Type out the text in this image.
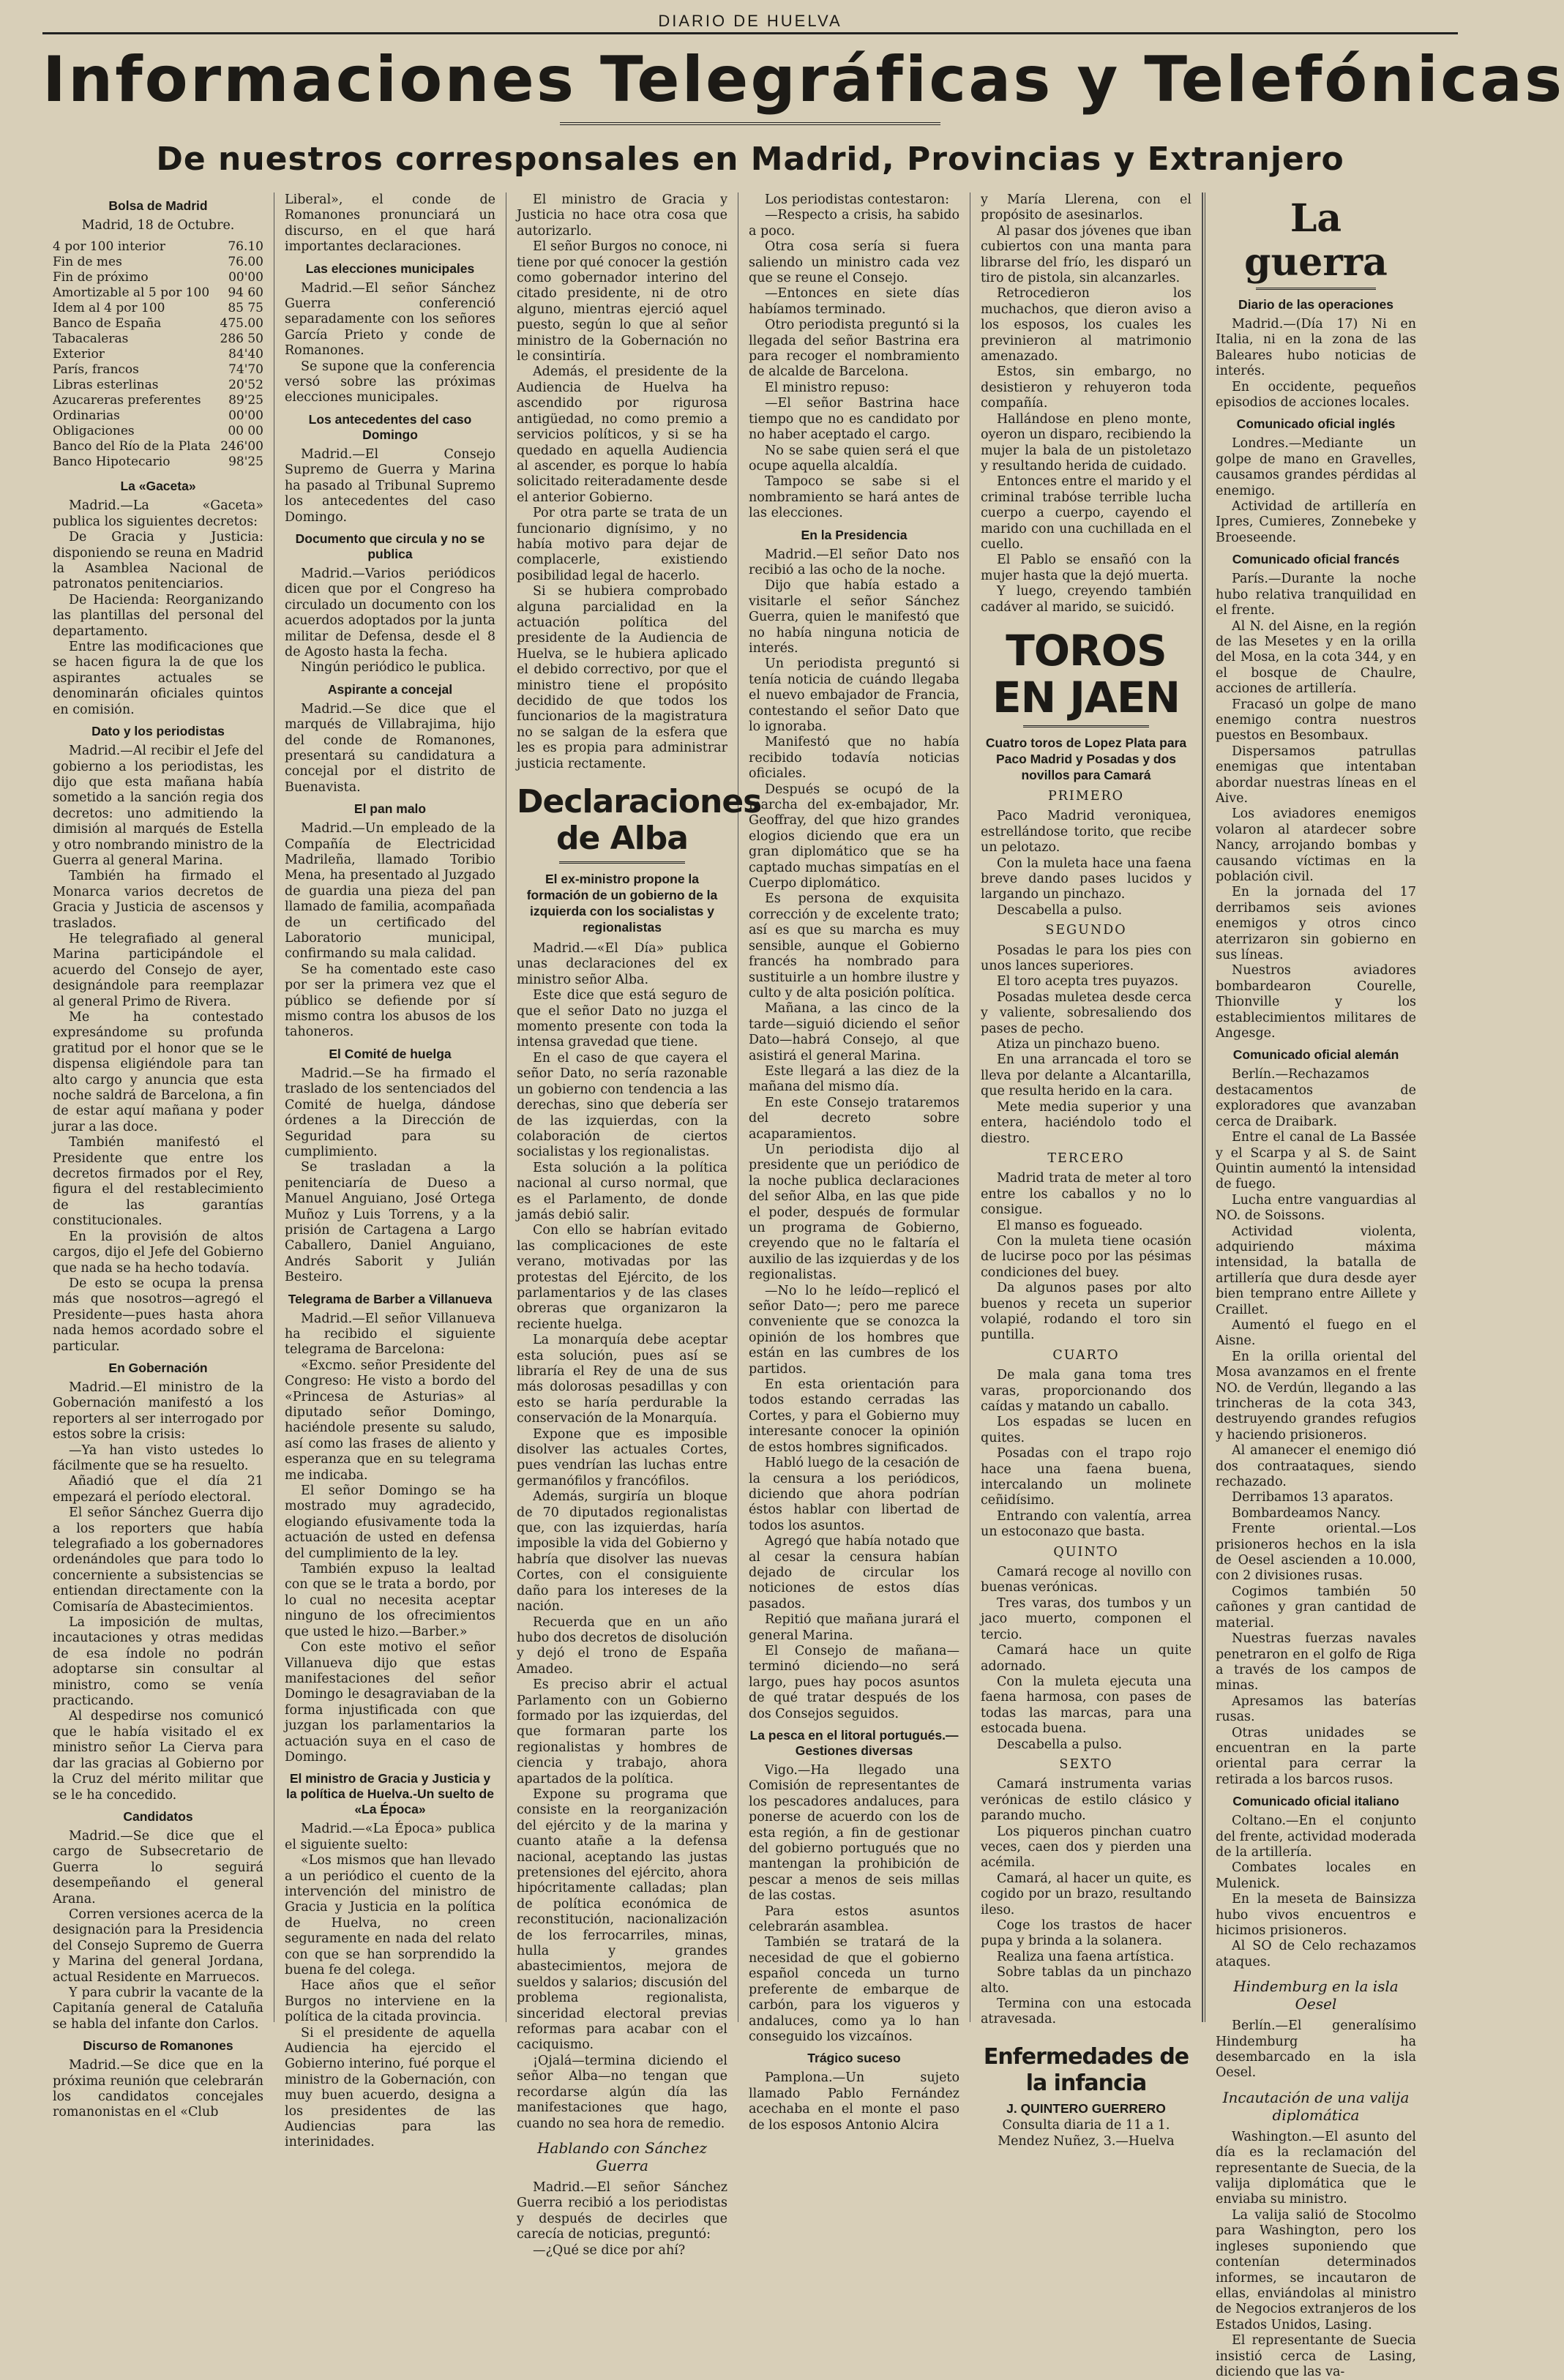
DIARIO DE HUELVA
Informaciones Telegráficas y Telefónicas
De nuestros corresponsales en Madrid, Provincias y Extranjero
Bolsa de Madrid
Madrid, 18 de Octubre.
4 por 100 interior	76.10
Fin de mes	76.00
Fin de próximo	00'00
Amortizable al 5 por 100	94 60
Idem al 4 por 100	85 75
Banco de España	475.00
Tabacaleras	286 50
Exterior	84'40
París, francos	74'70
Libras esterlinas	20'52
Azucareras preferentes	89'25
Ordinarias	00'00
Obligaciones	00 00
Banco del Río de la Plata	246'00
Banco Hipotecario	98'25
La «Gaceta»

Madrid.—La «Gaceta» publica los siguientes decretos:

De Gracia y Justicia: disponiendo se reuna en Madrid la Asamblea Nacional de patronatos penitenciarios.

De Hacienda: Reorganizando las plantillas del personal del departamento.

Entre las modificaciones que se hacen figura la de que los aspirantes actuales se denominarán oficiales quintos en comisión.

Dato y los periodistas

Madrid.—Al recibir el Jefe del gobierno a los periodistas, les dijo que esta mañana había sometido a la sanción regia dos decretos: uno admitiendo la dimisión al marqués de Estella y otro nombrando ministro de la Guerra al general Marina.

También ha firmado el Monarca varios decretos de Gracia y Justicia de ascensos y traslados.

He telegrafiado al general Marina participándole el acuerdo del Consejo de ayer, designándole para reemplazar al general Primo de Rivera.

Me ha contestado expresándome su profunda gratitud por el honor que se le dispensa eligiéndole para tan alto cargo y anuncia que esta noche saldrá de Barcelona, a fin de estar aquí mañana y poder jurar a las doce.

También manifestó el Presidente que entre los decretos firmados por el Rey, figura el del restablecimiento de las garantías constitucionales.

En la provisión de altos cargos, dijo el Jefe del Gobierno que nada se ha hecho todavía.

De esto se ocupa la prensa más que nosotros—agregó el Presidente—pues hasta ahora nada hemos acordado sobre el particular.

En Gobernación

Madrid.—El ministro de la Gobernación manifestó a los reporters al ser interrogado por estos sobre la crisis:

—Ya han visto ustedes lo fácilmente que se ha resuelto.

Añadió que el día 21 empezará el período electoral.

El señor Sánchez Guerra dijo a los reporters que había telegrafiado a los gobernadores ordenándoles que para todo lo concerniente a subsistencias se entiendan directamente con la Comisaría de Abastecimientos.

La imposición de multas, incautaciones y otras medidas de esa índole no podrán adoptarse sin consultar al ministro, como se venía practicando.

Al despedirse nos comunicó que le había visitado el ex ministro señor La Cierva para dar las gracias al Gobierno por la Cruz del mérito militar que se le ha concedido.

Candidatos

Madrid.—Se dice que el cargo de Subsecretario de Guerra lo seguirá desempeñando el general Arana.

Corren versiones acerca de la designación para la Presidencia del Consejo Supremo de Guerra y Marina del general Jordana, actual Residente en Marruecos.

Y para cubrir la vacante de la Capitanía general de Cataluña se habla del infante don Carlos.

Discurso de Romanones

Madrid.—Se dice que en la próxima reunión que celebrarán los candidatos concejales romanonistas en el «Club

Liberal», el conde de Romanones pronunciará un discurso, en el que hará importantes declaraciones.

Las elecciones municipales

Madrid.—El señor Sánchez Guerra conferenció separadamente con los señores García Prieto y conde de Romanones.

Se supone que la conferencia versó sobre las próximas elecciones municipales.

Los antecedentes del caso Domingo

Madrid.—El Consejo Supremo de Guerra y Marina ha pasado al Tribunal Supremo los antecedentes del caso Domingo.

Documento que circula y no se publica

Madrid.—Varios periódicos dicen que por el Congreso ha circulado un documento con los acuerdos adoptados por la junta militar de Defensa, desde el 8 de Agosto hasta la fecha.

Ningún periódico le publica.

Aspirante a concejal

Madrid.—Se dice que el marqués de Villabrajima, hijo del conde de Romanones, presentará su candidatura a concejal por el distrito de Buenavista.

El pan malo

Madrid.—Un empleado de la Compañía de Electricidad Madrileña, llamado Toribio Mena, ha presentado al Juzgado de guardia una pieza del pan llamado de familia, acompañada de un certificado del Laboratorio municipal, confirmando su mala calidad.

Se ha comentado este caso por ser la primera vez que el público se defiende por sí mismo contra los abusos de los tahoneros.

El Comité de huelga

Madrid.—Se ha firmado el traslado de los sentenciados del Comité de huelga, dándose órdenes a la Dirección de Seguridad para su cumplimiento.

Se trasladan a la penitenciaría de Dueso a Manuel Anguiano, José Ortega Muñoz y Luis Torrens, y a la prisión de Cartagena a Largo Caballero, Daniel Anguiano, Andrés Saborit y Julián Besteiro.

Telegrama de Barber a Villanueva

Madrid.—El señor Villanueva ha recibido el siguiente telegrama de Barcelona:

«Excmo. señor Presidente del Congreso: He visto a bordo del «Princesa de Asturias» al diputado señor Domingo, haciéndole presente su saludo, así como las frases de aliento y esperanza que en su telegrama me indicaba.

El señor Domingo se ha mostrado muy agradecido, elogiando efusivamente toda la actuación de usted en defensa del cumplimiento de la ley.

También expuso la lealtad con que se le trata a bordo, por lo cual no necesita aceptar ninguno de los ofrecimientos que usted le hizo.—Barber.»

Con este motivo el señor Villanueva dijo que estas manifestaciones del señor Domingo le desagraviaban de la forma injustificada con que juzgan los parlamentarios la actuación suya en el caso de Domingo.

El ministro de Gracia y Justicia y la política de Huelva.-Un suelto de «La Época»

Madrid.—«La Época» publica el siguiente suelto:

«Los mismos que han llevado a un periódico el cuento de la intervención del ministro de Gracia y Justicia en la política de Huelva, no creen seguramente en nada del relato con que se han sorprendido la buena fe del colega.

Hace años que el señor Burgos no interviene en la política de la citada provincia.

Si el presidente de aquella Audiencia ha ejercido el Gobierno interino, fué porque el ministro de la Gobernación, con muy buen acuerdo, designa a los presidentes de las Audiencias para las interinidades.

El ministro de Gracia y Justicia no hace otra cosa que autorizarlo.

El señor Burgos no conoce, ni tiene por qué conocer la gestión como gobernador interino del citado presidente, ni de otro alguno, mientras ejerció aquel puesto, según lo que al señor ministro de la Gobernación no le consintiría.

Además, el presidente de la Audiencia de Huelva ha ascendido por rigurosa antigüedad, no como premio a servicios políticos, y si se ha quedado en aquella Audiencia al ascender, es porque lo había solicitado reiteradamente desde el anterior Gobierno.

Por otra parte se trata de un funcionario dignísimo, y no había motivo para dejar de complacerle, existiendo posibilidad legal de hacerlo.

Si se hubiera comprobado alguna parcialidad en la actuación política del presidente de la Audiencia de Huelva, se le hubiera aplicado el debido correctivo, por que el ministro tiene el propósito decidido de que todos los funcionarios de la magistratura no se salgan de la esfera que les es propia para administrar justicia rectamente.

Declaraciones de Alba
El ex-ministro propone la formación de un gobierno de la izquierda con los socialistas y regionalistas

Madrid.—«El Día» publica unas declaraciones del ex ministro señor Alba.

Este dice que está seguro de que el señor Dato no juzga el momento presente con toda la intensa gravedad que tiene.

En el caso de que cayera el señor Dato, no sería razonable un gobierno con tendencia a las derechas, sino que debería ser de las izquierdas, con la colaboración de ciertos socialistas y los regionalistas.

Esta solución a la política nacional al curso normal, que es el Parlamento, de donde jamás debió salir.

Con ello se habrían evitado las complicaciones de este verano, motivadas por las protestas del Ejército, de los parlamentarios y de las clases obreras que organizaron la reciente huelga.

La monarquía debe aceptar esta solución, pues así se libraría el Rey de una de sus más dolorosas pesadillas y con esto se haría perdurable la conservación de la Monarquía.

Expone que es imposible disolver las actuales Cortes, pues vendrían las luchas entre germanófilos y francófilos.

Además, surgiría un bloque de 70 diputados regionalistas que, con las izquierdas, haría imposible la vida del Gobierno y habría que disolver las nuevas Cortes, con el consiguiente daño para los intereses de la nación.

Recuerda que en un año hubo dos decretos de disolución y dejó el trono de España Amadeo.

Es preciso abrir el actual Parlamento con un Gobierno formado por las izquierdas, del que formaran parte los regionalistas y hombres de ciencia y trabajo, ahora apartados de la política.

Expone su programa que consiste en la reorganización del ejército y de la marina y cuanto atañe a la defensa nacional, aceptando las justas pretensiones del ejército, ahora hipócritamente calladas; plan de política económica de reconstitución, nacionalización de los ferrocarriles, minas, hulla y grandes abastecimientos, mejora de sueldos y salarios; discusión del problema regionalista, sinceridad electoral previas reformas para acabar con el caciquismo.

¡Ojalá—termina diciendo el señor Alba—no tengan que recordarse algún día las manifestaciones que hago, cuando no sea hora de remedio.

Hablando con Sánchez Guerra

Madrid.—El señor Sánchez Guerra recibió a los periodistas y después de decirles que carecía de noticias, preguntó:

—¿Qué se dice por ahí?

Los periodistas contestaron:

—Respecto a crisis, ha sabido a poco.

Otra cosa sería si fuera saliendo un ministro cada vez que se reune el Consejo.

—Entonces en siete días habíamos terminado.

Otro periodista preguntó si la llegada del señor Bastrina era para recoger el nombramiento de alcalde de Barcelona.

El ministro repuso:

—El señor Bastrina hace tiempo que no es candidato por no haber aceptado el cargo.

No se sabe quien será el que ocupe aquella alcaldía.

Tampoco se sabe si el nombramiento se hará antes de las elecciones.

En la Presidencia

Madrid.—El señor Dato nos recibió a las ocho de la noche.

Dijo que había estado a visitarle el señor Sánchez Guerra, quien le manifestó que no había ninguna noticia de interés.

Un periodista preguntó si tenía noticia de cuándo llegaba el nuevo embajador de Francia, contestando el señor Dato que lo ignoraba.

Manifestó que no había recibido todavía noticias oficiales.

Después se ocupó de la marcha del ex-embajador, Mr. Geoffray, del que hizo grandes elogios diciendo que era un gran diplomático que se ha captado muchas simpatías en el Cuerpo diplomático.

Es persona de exquisita corrección y de excelente trato; así es que su marcha es muy sensible, aunque el Gobierno francés ha nombrado para sustituirle a un hombre ilustre y culto y de alta posición política.

Mañana, a las cinco de la tarde—siguió diciendo el señor Dato—habrá Consejo, al que asistirá el general Marina.

Este llegará a las diez de la mañana del mismo día.

En este Consejo trataremos del decreto sobre acaparamientos.

Un periodista dijo al presidente que un periódico de la noche publica declaraciones del señor Alba, en las que pide el poder, después de formular un programa de Gobierno, creyendo que no le faltaría el auxilio de las izquierdas y de los regionalistas.

—No lo he leído—replicó el señor Dato—; pero me parece conveniente que se conozca la opinión de los hombres que están en las cumbres de los partidos.

En esta orientación para todos estando cerradas las Cortes, y para el Gobierno muy interesante conocer la opinión de estos hombres significados.

Habló luego de la cesación de la censura a los periódicos, diciendo que ahora podrían éstos hablar con libertad de todos los asuntos.

Agregó que había notado que al cesar la censura habían dejado de circular los noticiones de estos días pasados.

Repitió que mañana jurará el general Marina.

El Consejo de mañana—terminó diciendo—no será largo, pues hay pocos asuntos de qué tratar después de los dos Consejos seguidos.

La pesca en el litoral portugués.—Gestiones diversas

Vigo.—Ha llegado una Comisión de representantes de los pescadores andaluces, para ponerse de acuerdo con los de esta región, a fin de gestionar del gobierno portugués que no mantengan la prohibición de pescar a menos de seis millas de las costas.

Para estos asuntos celebrarán asamblea.

También se tratará de la necesidad de que el gobierno español conceda un turno preferente de embarque de carbón, para los vigueros y andaluces, como ya lo han conseguido los vizcaínos.

Trágico suceso

Pamplona.—Un sujeto llamado Pablo Fernández acechaba en el monte el paso de los esposos Antonio Alcira

y María Llerena, con el propósito de asesinarlos.

Al pasar dos jóvenes que iban cubiertos con una manta para librarse del frío, les disparó un tiro de pistola, sin alcanzarles.

Retrocedieron los muchachos, que dieron aviso a los esposos, los cuales les previnieron al matrimonio amenazado.

Estos, sin embargo, no desistieron y rehuyeron toda compañía.

Hallándose en pleno monte, oyeron un disparo, recibiendo la mujer la bala de un pistoletazo y resultando herida de cuidado.

Entonces entre el marido y el criminal trabóse terrible lucha cuerpo a cuerpo, cayendo el marido con una cuchillada en el cuello.

El Pablo se ensañó con la mujer hasta que la dejó muerta.

Y luego, creyendo también cadáver al marido, se suicidó.

TOROS EN JAEN
Cuatro toros de Lopez Plata para Paco Madrid y Posadas y dos novillos para Camará
PRIMERO

Paco Madrid veroniquea, estrellándose torito, que recibe un pelotazo.

Con la muleta hace una faena breve dando pases lucidos y largando un pinchazo.

Descabella a pulso.

SEGUNDO

Posadas le para los pies con unos lances superiores.

El toro acepta tres puyazos.

Posadas muletea desde cerca y valiente, sobresaliendo dos pases de pecho.

Atiza un pinchazo bueno.

En una arrancada el toro se lleva por delante a Alcantarilla, que resulta herido en la cara.

Mete media superior y una entera, haciéndolo todo el diestro.

TERCERO

Madrid trata de meter al toro entre los caballos y no lo consigue.

El manso es fogueado.

Con la muleta tiene ocasión de lucirse poco por las pésimas condiciones del buey.

Da algunos pases por alto buenos y receta un superior volapié, rodando el toro sin puntilla.

CUARTO

De mala gana toma tres varas, proporcionando dos caídas y matando un caballo.

Los espadas se lucen en quites.

Posadas con el trapo rojo hace una faena buena, intercalando un molinete ceñidísimo.

Entrando con valentía, arrea un estoconazo que basta.

QUINTO

Camará recoge al novillo con buenas verónicas.

Tres varas, dos tumbos y un jaco muerto, componen el tercio.

Camará hace un quite adornado.

Con la muleta ejecuta una faena harmosa, con pases de todas las marcas, para una estocada buena.

Descabella a pulso.

SEXTO

Camará instrumenta varias verónicas de estilo clásico y parando mucho.

Los piqueros pinchan cuatro veces, caen dos y pierden una acémila.

Camará, al hacer un quite, es cogido por un brazo, resultando ileso.

Coge los trastos de hacer pupa y brinda a la solanera.

Realiza una faena artística.

Sobre tablas da un pinchazo alto.

Termina con una estocada atravesada.

Enfermedades de la infancia

J. QUINTERO GUERRERO

Consulta diaria de 11 a 1.

Mendez Nuñez, 3.—Huelva

La guerra
Diario de las operaciones

Madrid.—(Día 17) Ni en Italia, ni en la zona de las Baleares hubo noticias de interés.

En occidente, pequeños episodios de acciones locales.

Comunicado oficial inglés

Londres.—Mediante un golpe de mano en Gravelles, causamos grandes pérdidas al enemigo.

Actividad de artillería en Ipres, Cumieres, Zonnebeke y Broeseende.

Comunicado oficial francés

París.—Durante la noche hubo relativa tranquilidad en el frente.

Al N. del Aisne, en la región de las Mesetes y en la orilla del Mosa, en la cota 344, y en el bosque de Chaulre, acciones de artillería.

Fracasó un golpe de mano enemigo contra nuestros puestos en Besombaux.

Dispersamos patrullas enemigas que intentaban abordar nuestras líneas en el Aive.

Los aviadores enemigos volaron al atardecer sobre Nancy, arrojando bombas y causando víctimas en la población civil.

En la jornada del 17 derribamos seis aviones enemigos y otros cinco aterrizaron sin gobierno en sus líneas.

Nuestros aviadores bombardearon Courelle, Thionville y los establecimientos militares de Angesge.

Comunicado oficial alemán

Berlín.—Rechazamos destacamentos de exploradores que avanzaban cerca de Draibark.

Entre el canal de La Bassée y el Scarpa y al S. de Saint Quintin aumentó la intensidad de fuego.

Lucha entre vanguardias al NO. de Soissons.

Actividad violenta, adquiriendo máxima intensidad, la batalla de artillería que dura desde ayer bien temprano entre Aillete y Craillet.

Aumentó el fuego en el Aisne.

En la orilla oriental del Mosa avanzamos en el frente NO. de Verdún, llegando a las trincheras de la cota 343, destruyendo grandes refugios y haciendo prisioneros.

Al amanecer el enemigo dió dos contraataques, siendo rechazado.

Derribamos 13 aparatos.

Bombardeamos Nancy.

Frente oriental.—Los prisioneros hechos en la isla de Oesel ascienden a 10.000, con 2 divisiones rusas.

Cogimos también 50 cañones y gran cantidad de material.

Nuestras fuerzas navales penetraron en el golfo de Riga a través de los campos de minas.

Apresamos las baterías rusas.

Otras unidades se encuentran en la parte oriental para cerrar la retirada a los barcos rusos.

Comunicado oficial italiano

Coltano.—En el conjunto del frente, actividad moderada de la artillería.

Combates locales en Mulenick.

En la meseta de Bainsizza hubo vivos encuentros e hicimos prisioneros.

Al SO de Celo rechazamos ataques.

Hindemburg en la isla Oesel

Berlín.—El generalísimo Hindemburg ha desembarcado en la isla Oesel.

Incautación de una valija diplomática

Washington.—El asunto del día es la reclamación del representante de Suecia, de la valija diplomática que le enviaba su ministro.

La valija salió de Stocolmo para Washington, pero los ingleses suponiendo que contenían determinados informes, se incautaron de ellas, enviándolas al ministro de Negocios extranjeros de los Estados Unidos, Lasing.

El representante de Suecia insistió cerca de Lasing, diciendo que las va-
